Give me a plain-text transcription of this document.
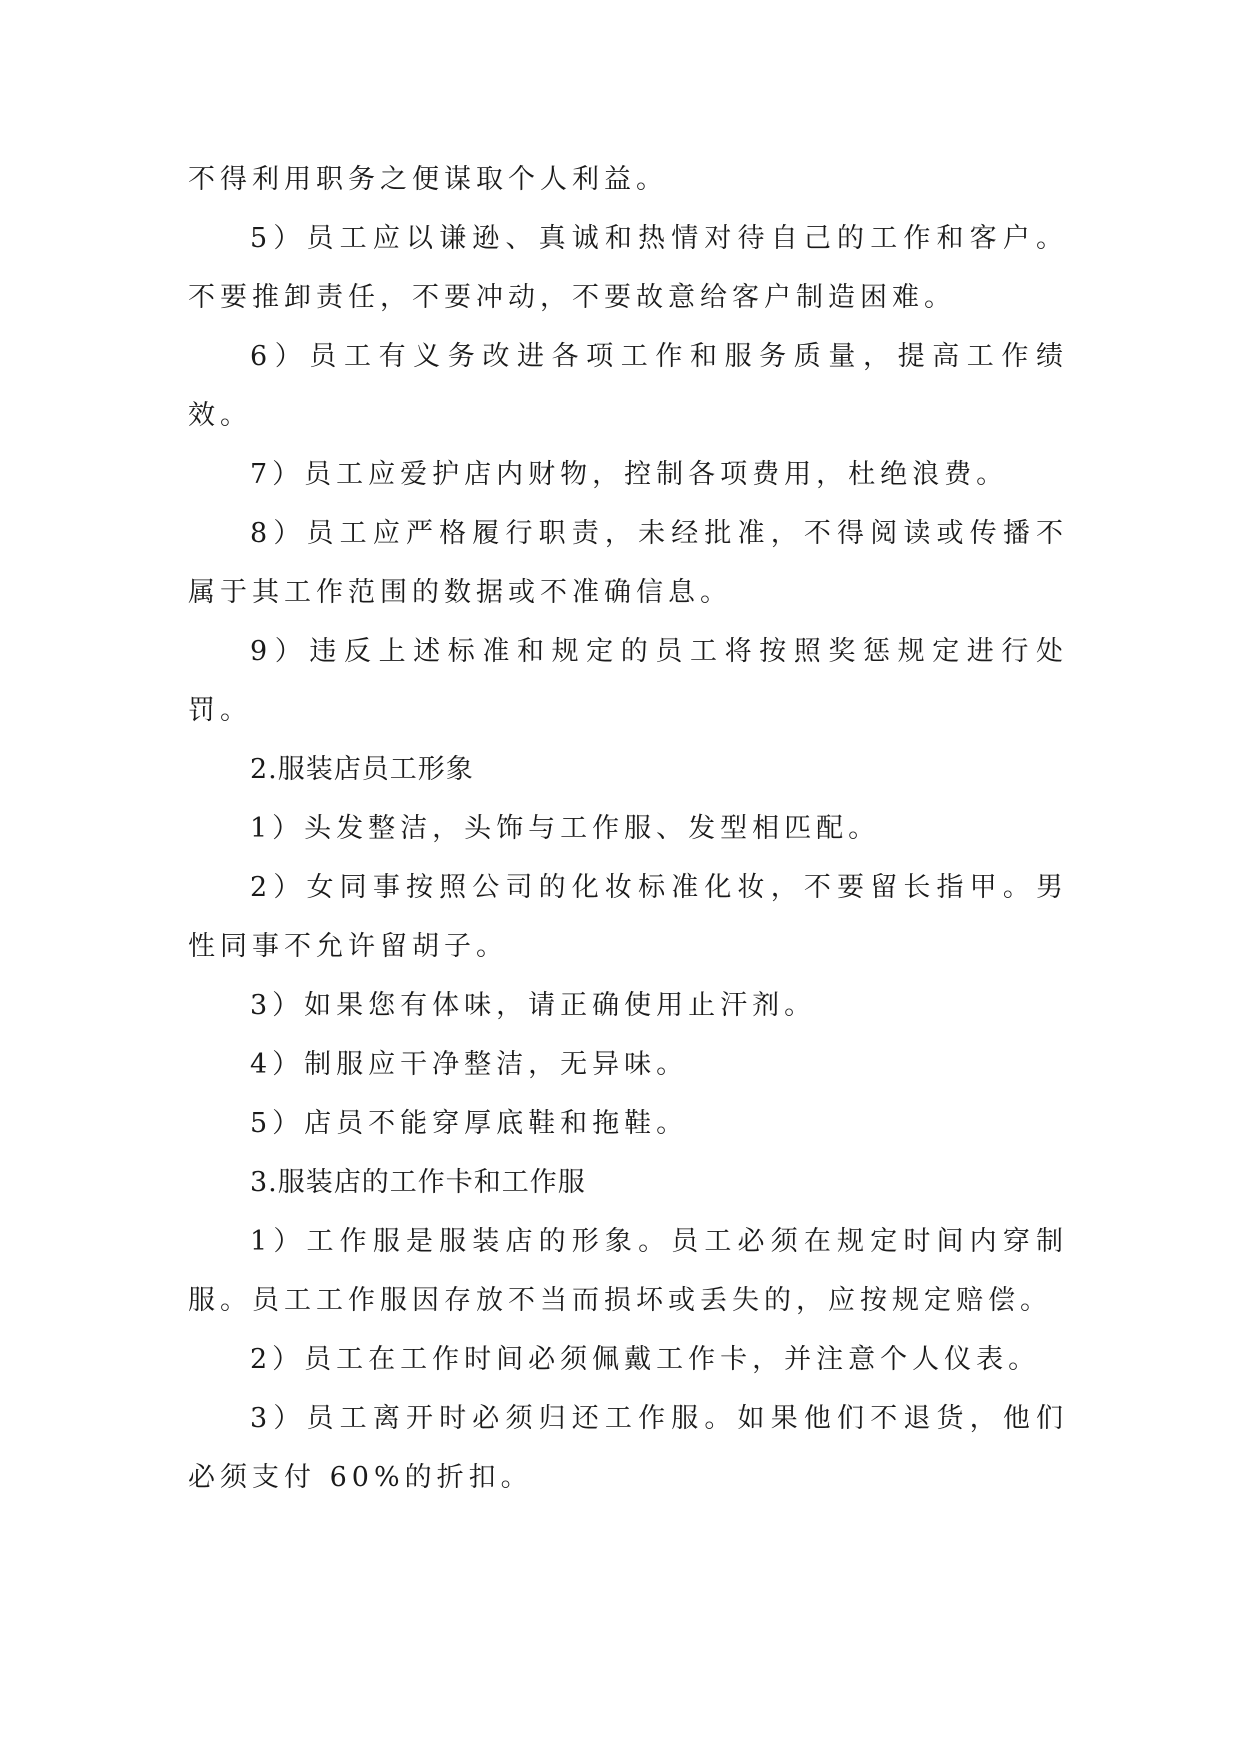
不得利用职务之便谋取个人利益。

5）员工应以谦逊、真诚和热情对待自己的工作和客户。不要推卸责任，不要冲动，不要故意给客户制造困难。

6）员工有义务改进各项工作和服务质量，提高工作绩效。

7）员工应爱护店内财物，控制各项费用，杜绝浪费。

8）员工应严格履行职责，未经批准，不得阅读或传播不属于其工作范围的数据或不准确信息。

9）违反上述标准和规定的员工将按照奖惩规定进行处罚。

2.服装店员工形象

1）头发整洁，头饰与工作服、发型相匹配。

2）女同事按照公司的化妆标准化妆，不要留长指甲。男性同事不允许留胡子。

3）如果您有体味，请正确使用止汗剂。

4）制服应干净整洁，无异味。

5）店员不能穿厚底鞋和拖鞋。

3.服装店的工作卡和工作服

1）工作服是服装店的形象。员工必须在规定时间内穿制服。员工工作服因存放不当而损坏或丢失的，应按规定赔偿。

2）员工在工作时间必须佩戴工作卡，并注意个人仪表。

3）员工离开时必须归还工作服。如果他们不退货，他们必须支付 60%的折扣。
